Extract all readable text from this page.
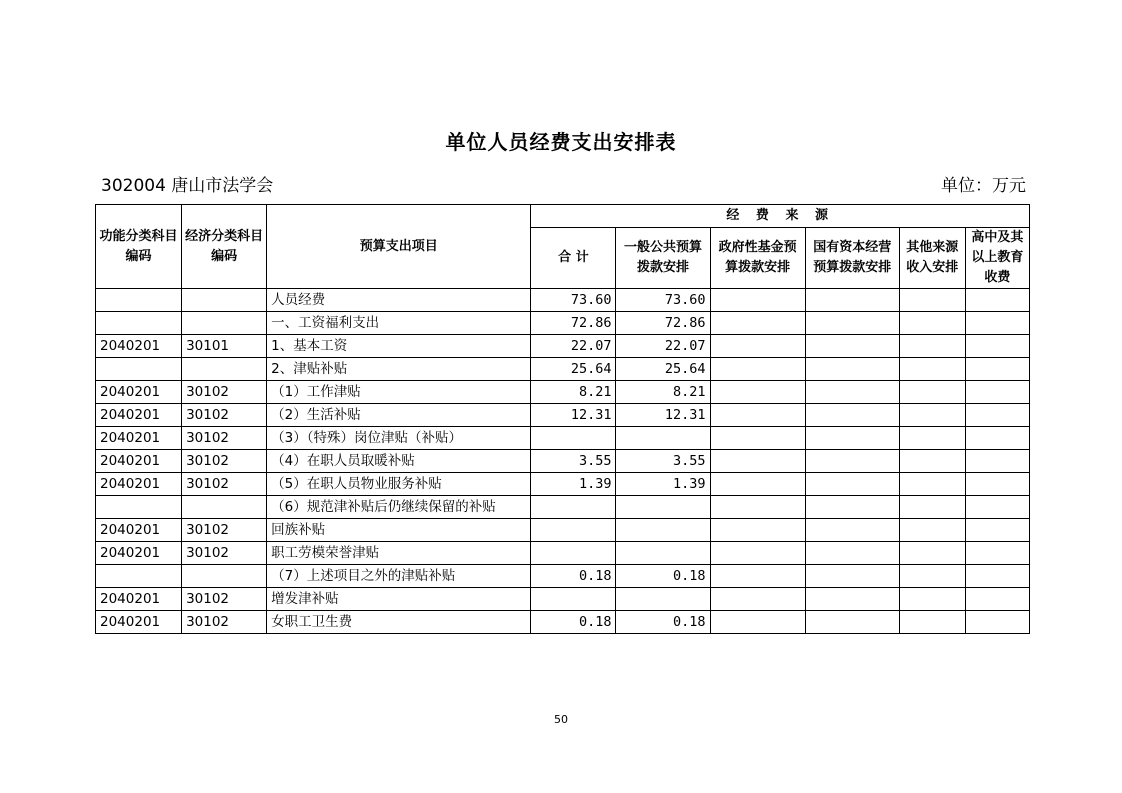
单位人员经费支出安排表
302004 唐山市法学会	单位：万元
功能分类科目编码	经济分类科目编码	预算支出项目	经 费 来 源					
			合 计	一般公共预算拨款安排	政府性基金预算拨款安排	国有资本经营预算拨款安排	其他来源收入安排	高中及其以上教育收费
		人员经费	73.60	73.60				
		一、工资福利支出	72.86	72.86				
2040201	30101	1、基本工资	22.07	22.07				
		2、津贴补贴	25.64	25.64				
2040201	30102	（1）工作津贴	8.21	8.21				
2040201	30102	（2）生活补贴	12.31	12.31				
2040201	30102	（3）（特殊）岗位津贴（补贴）						
2040201	30102	（4）在职人员取暖补贴	3.55	3.55				
2040201	30102	（5）在职人员物业服务补贴	1.39	1.39				
		（6）规范津补贴后仍继续保留的补贴						
2040201	30102	回族补贴						
2040201	30102	职工劳模荣誉津贴						
		（7）上述项目之外的津贴补贴	0.18	0.18				
2040201	30102	增发津补贴						
2040201	30102	女职工卫生费	0.18	0.18				
50
